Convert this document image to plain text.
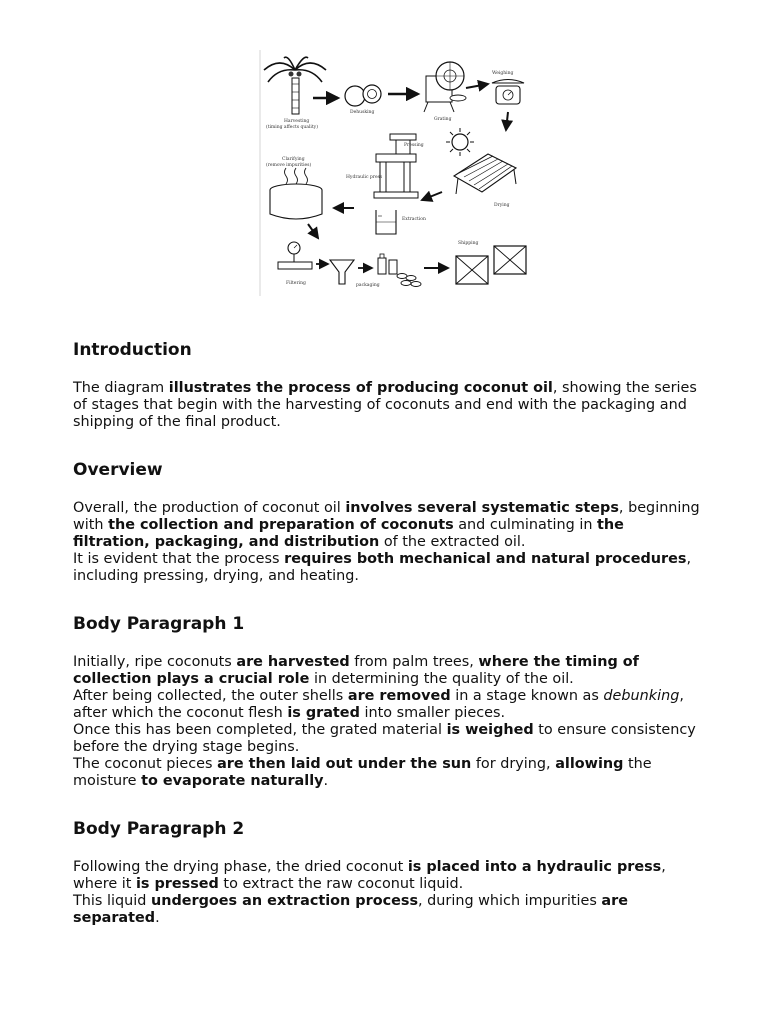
Harvesting
(timing affects quality)
Dehusking
Grating
Weighing
Drying
Pressing
Hydraulic press
Extraction
Clarifying
(remove impurities)
Filtering	packaging
Shipping
Introduction

The diagram illustrates the process of producing coconut oil, showing the series of stages that begin with the harvesting of coconuts and end with the packaging and shipping of the final product.

Overview

Overall, the production of coconut oil involves several systematic steps, beginning with the collection and preparation of coconuts and culminating in the filtration, packaging, and distribution of the extracted oil.

It is evident that the process requires both mechanical and natural procedures, including pressing, drying, and heating.

Body Paragraph 1

Initially, ripe coconuts are harvested from palm trees, where the timing of collection plays a crucial role in determining the quality of the oil.

After being collected, the outer shells are removed in a stage known as debunking, after which the coconut flesh is grated into smaller pieces.

Once this has been completed, the grated material is weighed to ensure consistency before the drying stage begins.

The coconut pieces are then laid out under the sun for drying, allowing the moisture to evaporate naturally.

Body Paragraph 2

Following the drying phase, the dried coconut is placed into a hydraulic press, where it is pressed to extract the raw coconut liquid.

This liquid undergoes an extraction process, during which impurities are separated.
